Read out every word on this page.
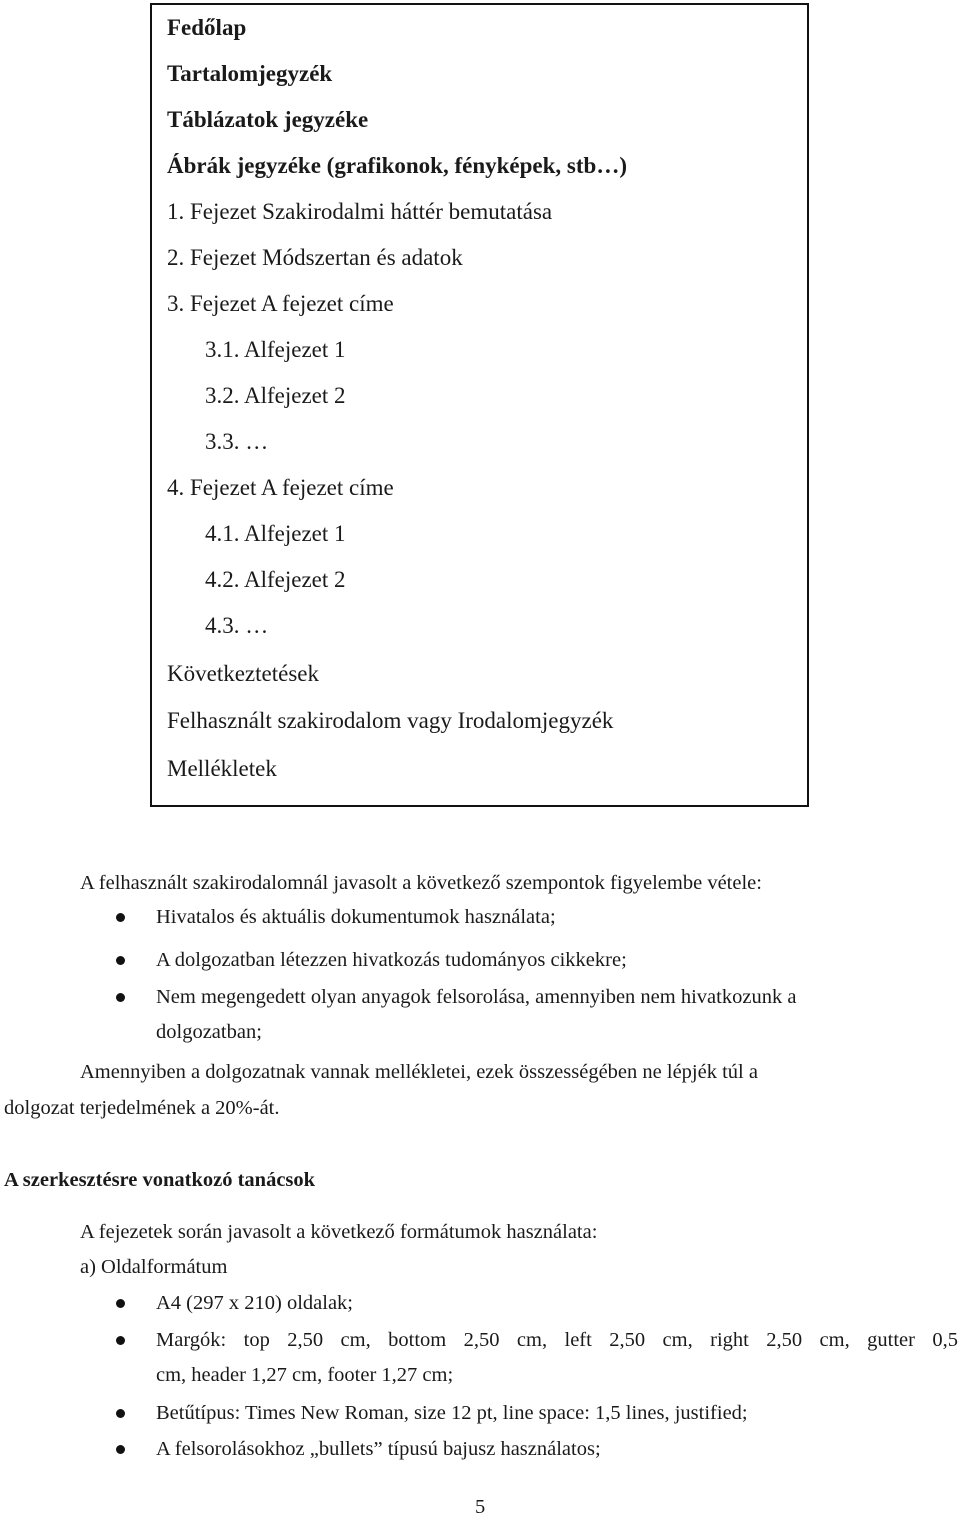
Fedőlap
Tartalomjegyzék
Táblázatok jegyzéke
Ábrák jegyzéke (grafikonok, fényképek, stb…)
1. Fejezet Szakirodalmi háttér bemutatása
2. Fejezet Módszertan és adatok
3. Fejezet A fejezet címe
3.1. Alfejezet 1
3.2. Alfejezet 2
3.3. …
4. Fejezet A fejezet címe
4.1. Alfejezet 1
4.2. Alfejezet 2
4.3. …
Következtetések
Felhasznált szakirodalom vagy Irodalomjegyzék
Mellékletek
A felhasznált szakirodalomnál javasolt a következő szempontok figyelembe vétele:
Hivatalos és aktuális dokumentumok használata;
A dolgozatban létezzen hivatkozás tudományos cikkekre;
Nem megengedett olyan anyagok felsorolása, amennyiben nem hivatkozunk a
dolgozatban;
Amennyiben a dolgozatnak vannak mellékletei, ezek összességében ne lépjék túl a
dolgozat terjedelmének a 20%-át.
A szerkesztésre vonatkozó tanácsok
A fejezetek során javasolt a következő formátumok használata:
a) Oldalformátum
A4 (297 x 210) oldalak;
Margók: top 2,50 cm, bottom 2,50 cm, left 2,50 cm, right 2,50 cm, gutter 0,5
cm, header 1,27 cm, footer 1,27 cm;
Betűtípus: Times New Roman, size 12 pt, line space: 1,5 lines, justified;
A felsorolásokhoz „bullets” típusú bajusz használatos;
5
